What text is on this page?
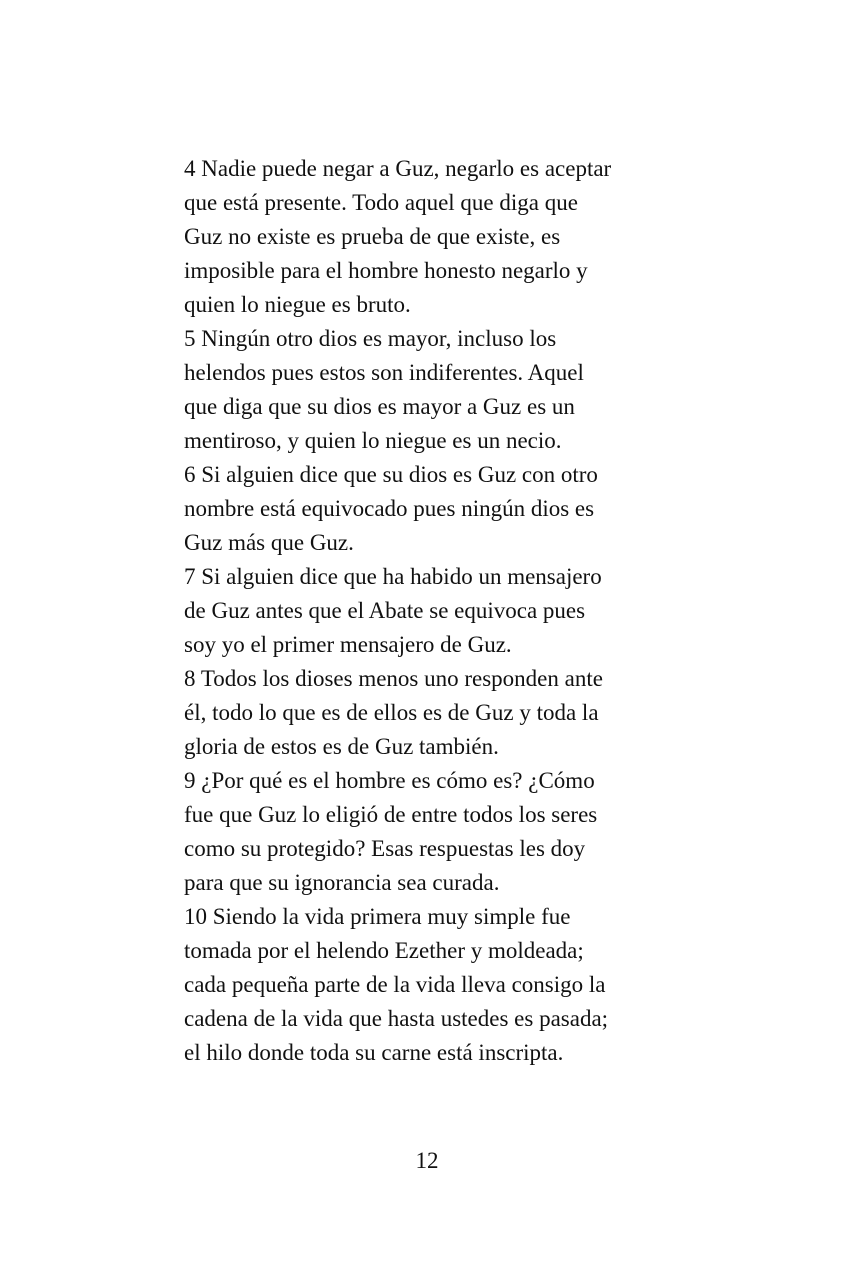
4 Nadie puede negar a Guz, negarlo es aceptar
que está presente. Todo aquel que diga que
Guz no existe es prueba de que existe, es
imposible para el hombre honesto negarlo y
quien lo niegue es bruto.
5 Ningún otro dios es mayor, incluso los
helendos pues estos son indiferentes. Aquel
que diga que su dios es mayor a Guz es un
mentiroso, y quien lo niegue es un necio.
6 Si alguien dice que su dios es Guz con otro
nombre está equivocado pues ningún dios es
Guz más que Guz.
7 Si alguien dice que ha habido un mensajero
de Guz antes que el Abate se equivoca pues
soy yo el primer mensajero de Guz.
8 Todos los dioses menos uno responden ante
él, todo lo que es de ellos es de Guz y toda la
gloria de estos es de Guz también.
9 ¿Por qué es el hombre es cómo es? ¿Cómo
fue que Guz lo eligió de entre todos los seres
como su protegido? Esas respuestas les doy
para que su ignorancia sea curada.
10 Siendo la vida primera muy simple fue
tomada por el helendo Ezether y moldeada;
cada pequeña parte de la vida lleva consigo la
cadena de la vida que hasta ustedes es pasada;
el hilo donde toda su carne está inscripta.
12
